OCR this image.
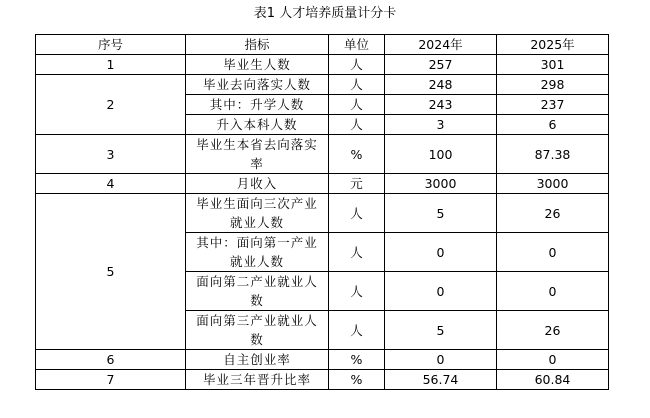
表1 人才培养质量计分卡
序号	指标	单位	2024年	2025年
1	毕业生人数	人	257	301
2	毕业去向落实人数	人	248	298
	其中：升学人数	人	243	237
	升入本科人数	人	3	6
3	毕业生本省去向落实率	%	100	87.38
4	月收入	元	3000	3000
5	毕业生面向三次产业就业人数	人	5	26
	其中：面向第一产业就业人数	人	0	0
	面向第二产业就业人数	人	0	0
	面向第三产业就业人数	人	5	26
6	自主创业率	%	0	0
7	毕业三年晋升比率	%	56.74	60.84
